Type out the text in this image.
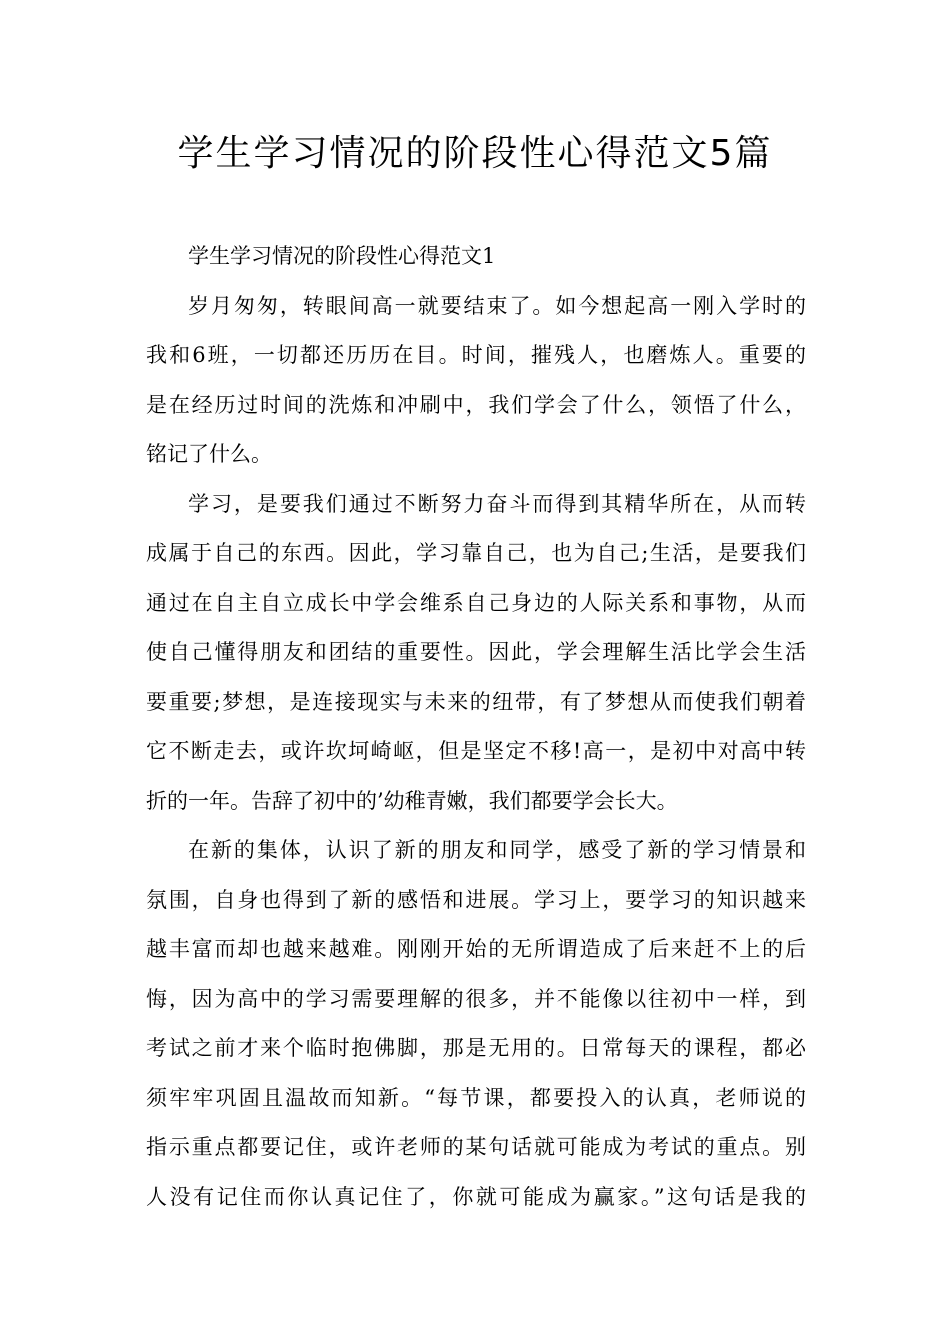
学生学习情况的阶段性心得范文5篇
学生学习情况的阶段性心得范文1
岁月匆匆，转眼间高一就要结束了。如今想起高一刚入学时的
我和6班，一切都还历历在目。时间，摧残人，也磨炼人。重要的
是在经历过时间的洗炼和冲刷中，我们学会了什么，领悟了什么，
铭记了什么。
学习，是要我们通过不断努力奋斗而得到其精华所在，从而转
成属于自己的东西。因此，学习靠自己，也为自己;生活，是要我们
通过在自主自立成长中学会维系自己身边的人际关系和事物，从而
使自己懂得朋友和团结的重要性。因此，学会理解生活比学会生活
要重要;梦想，是连接现实与未来的纽带，有了梦想从而使我们朝着
它不断走去，或许坎坷崎岖，但是坚定不移!高一，是初中对高中转
折的一年。告辞了初中的’幼稚青嫩，我们都要学会长大。
在新的集体，认识了新的朋友和同学，感受了新的学习情景和
氛围，自身也得到了新的感悟和进展。学习上，要学习的知识越来
越丰富而却也越来越难。刚刚开始的无所谓造成了后来赶不上的后
悔，因为高中的学习需要理解的很多，并不能像以往初中一样，到
考试之前才来个临时抱佛脚，那是无用的。日常每天的课程，都必
须牢牢巩固且温故而知新。“每节课，都要投入的认真，老师说的
指示重点都要记住，或许老师的某句话就可能成为考试的重点。别
人没有记住而你认真记住了，你就可能成为赢家。”这句话是我的
